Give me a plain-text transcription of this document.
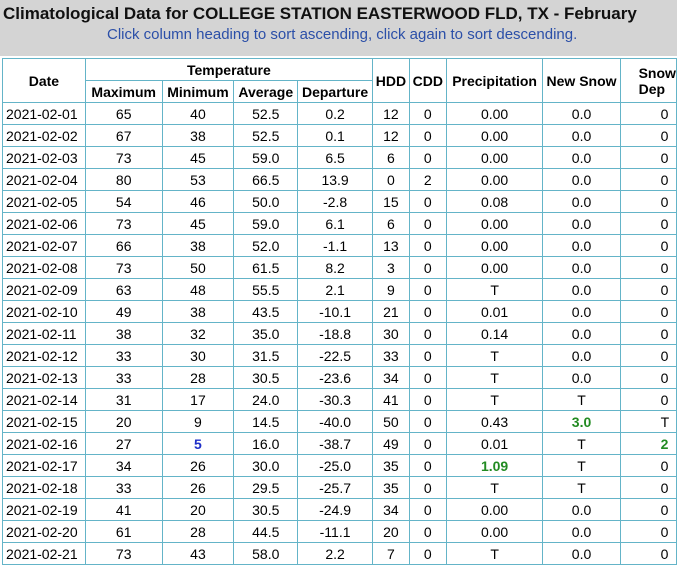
Climatological Data for COLLEGE STATION EASTERWOOD FLD, TX - February
Click column heading to sort ascending, click again to sort descending.
Date	Temperature				HDD	CDD	Precipitation	New Snow	Snow Dep
	Maximum	Minimum	Average	Departure					
2021-02-01	65	40	52.5	0.2	12	0	0.00	0.0	0
2021-02-02	67	38	52.5	0.1	12	0	0.00	0.0	0
2021-02-03	73	45	59.0	6.5	6	0	0.00	0.0	0
2021-02-04	80	53	66.5	13.9	0	2	0.00	0.0	0
2021-02-05	54	46	50.0	-2.8	15	0	0.08	0.0	0
2021-02-06	73	45	59.0	6.1	6	0	0.00	0.0	0
2021-02-07	66	38	52.0	-1.1	13	0	0.00	0.0	0
2021-02-08	73	50	61.5	8.2	3	0	0.00	0.0	0
2021-02-09	63	48	55.5	2.1	9	0	T	0.0	0
2021-02-10	49	38	43.5	-10.1	21	0	0.01	0.0	0
2021-02-11	38	32	35.0	-18.8	30	0	0.14	0.0	0
2021-02-12	33	30	31.5	-22.5	33	0	T	0.0	0
2021-02-13	33	28	30.5	-23.6	34	0	T	0.0	0
2021-02-14	31	17	24.0	-30.3	41	0	T	T	0
2021-02-15	20	9	14.5	-40.0	50	0	0.43	3.0	T
2021-02-16	27	5	16.0	-38.7	49	0	0.01	T	2
2021-02-17	34	26	30.0	-25.0	35	0	1.09	T	0
2021-02-18	33	26	29.5	-25.7	35	0	T	T	0
2021-02-19	41	20	30.5	-24.9	34	0	0.00	0.0	0
2021-02-20	61	28	44.5	-11.1	20	0	0.00	0.0	0
2021-02-21	73	43	58.0	2.2	7	0	T	0.0	0
